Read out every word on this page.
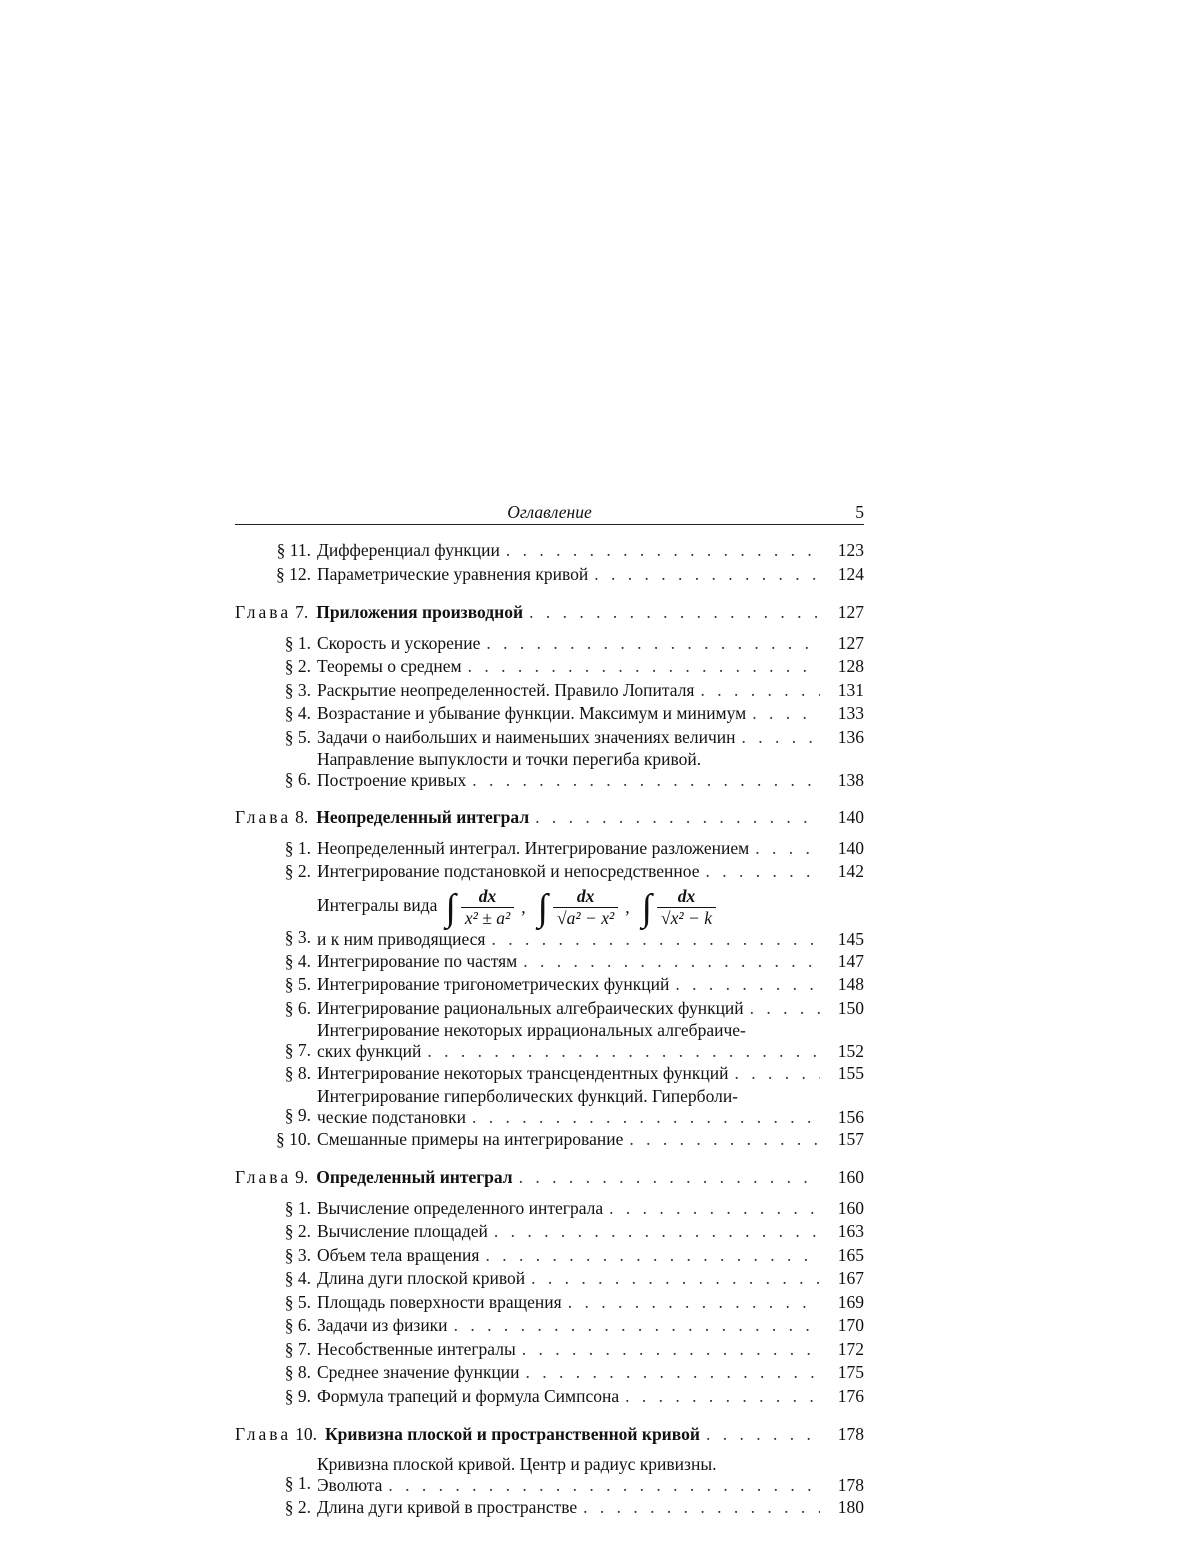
Оглавление	5
§ 11. Дифференциал функции . . .	123
§ 12. Параметрические уравнения кривой . . .	124
Глава 7. Приложения производной . . .	127
§ 1. Скорость и ускорение . . .	127
§ 2. Теоремы о среднем . . .	128
§ 3. Раскрытие неопределенностей. Правило Лопиталя . . .	131
§ 4. Возрастание и убывание функции. Максимум и минимум . . .	133
§ 5. Задачи о наибольших и наименьших значениях величин . . .	136
§ 6.
Направление выпуклости и точки перегиба кривой.
Построение кривых . . .	138
Глава 8. Неопределенный интеграл . . .	140
§ 1. Неопределенный интеграл. Интегрирование разложением . . .	140
§ 2. Интегрирование подстановкой и непосредственное . . .	142
§ 3.
Интегралы вида ∫ $\frac{dx}{\text{x² ± a²}}$ , ∫ $\frac{dx}{\text{√a² − x²}}$ , ∫ $\frac{dx}{\text{√x² − k}}$
и к ним приводящиеся . . .	145
§ 4. Интегрирование по частям . . .	147
§ 5. Интегрирование тригонометрических функций . . .	148
§ 6. Интегрирование рациональных алгебраических функций . . .	150
§ 7.
Интегрирование некоторых иррациональных алгебраиче-
ских функций . . .	152
§ 8. Интегрирование некоторых трансцендентных функций . . .	155
§ 9.
Интегрирование гиперболических функций. Гиперболи-
ческие подстановки . . .	156
§ 10. Смешанные примеры на интегрирование . . .	157
Глава 9. Определенный интеграл . . .	160
§ 1. Вычисление определенного интеграла . . .	160
§ 2. Вычисление площадей . . .	163
§ 3. Объем тела вращения . . .	165
§ 4. Длина дуги плоской кривой . . .	167
§ 5. Площадь поверхности вращения . . .	169
§ 6. Задачи из физики . . .	170
§ 7. Несобственные интегралы . . .	172
§ 8. Среднее значение функции . . .	175
§ 9. Формула трапеций и формула Симпсона . . .	176
Глава 10. Кривизна плоской и пространственной кривой . . .	178
§ 1.
Кривизна плоской кривой. Центр и радиус кривизны.
Эволюта . . .	178
§ 2. Длина дуги кривой в пространстве . . .	180
